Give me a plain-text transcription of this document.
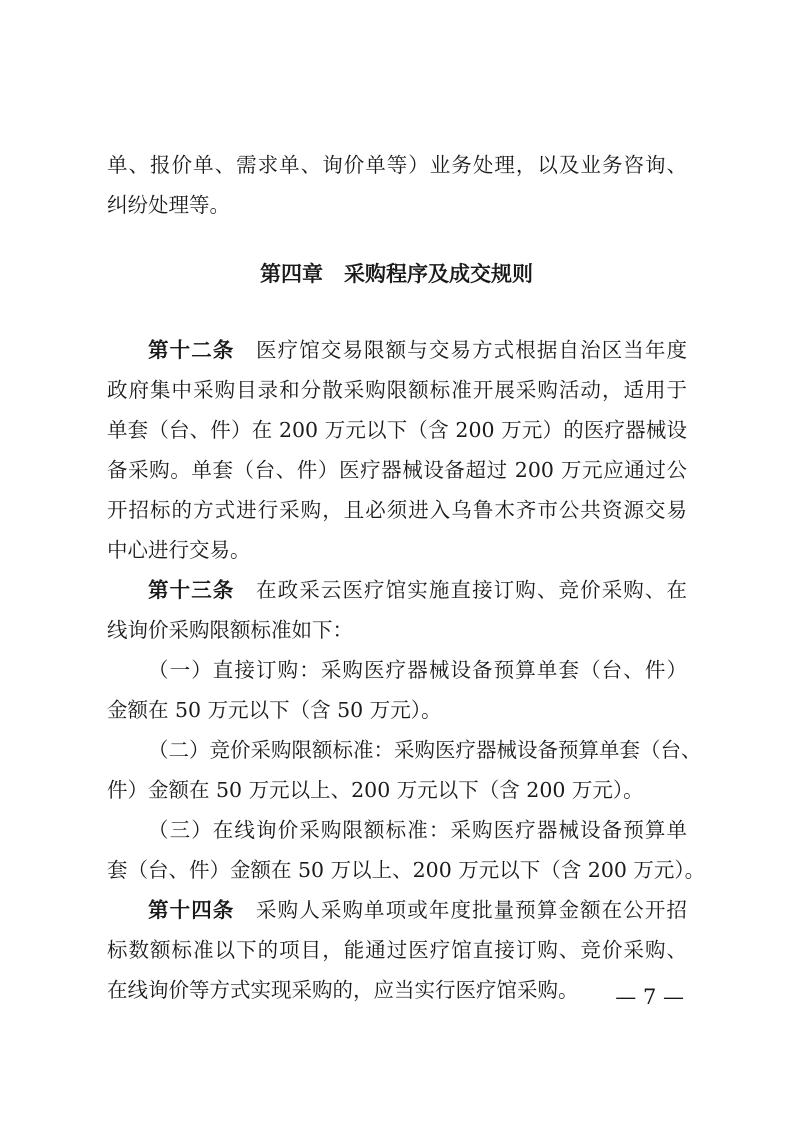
单、报价单、需求单、询价单等）业务处理，以及业务咨询、
纠纷处理等。
第四章　采购程序及成交规则
第十二条　医疗馆交易限额与交易方式根据自治区当年度
政府集中采购目录和分散采购限额标准开展采购活动，适用于
单套（台、件）在 200 万元以下（含 200 万元）的医疗器械设
备采购。单套（台、件）医疗器械设备超过 200 万元应通过公
开招标的方式进行采购，且必须进入乌鲁木齐市公共资源交易
中心进行交易。
第十三条　在政采云医疗馆实施直接订购、竞价采购、在
线询价采购限额标准如下：
（一）直接订购：采购医疗器械设备预算单套（台、件）
金额在 50 万元以下（含 50 万元）。
（二）竞价采购限额标准：采购医疗器械设备预算单套（台、
件）金额在 50 万元以上、200 万元以下（含 200 万元）。
（三）在线询价采购限额标准：采购医疗器械设备预算单
套（台、件）金额在 50 万以上、200 万元以下（含 200 万元）。
第十四条　采购人采购单项或年度批量预算金额在公开招
标数额标准以下的项目，能通过医疗馆直接订购、竞价采购、
在线询价等方式实现采购的，应当实行医疗馆采购。	— 7 —
